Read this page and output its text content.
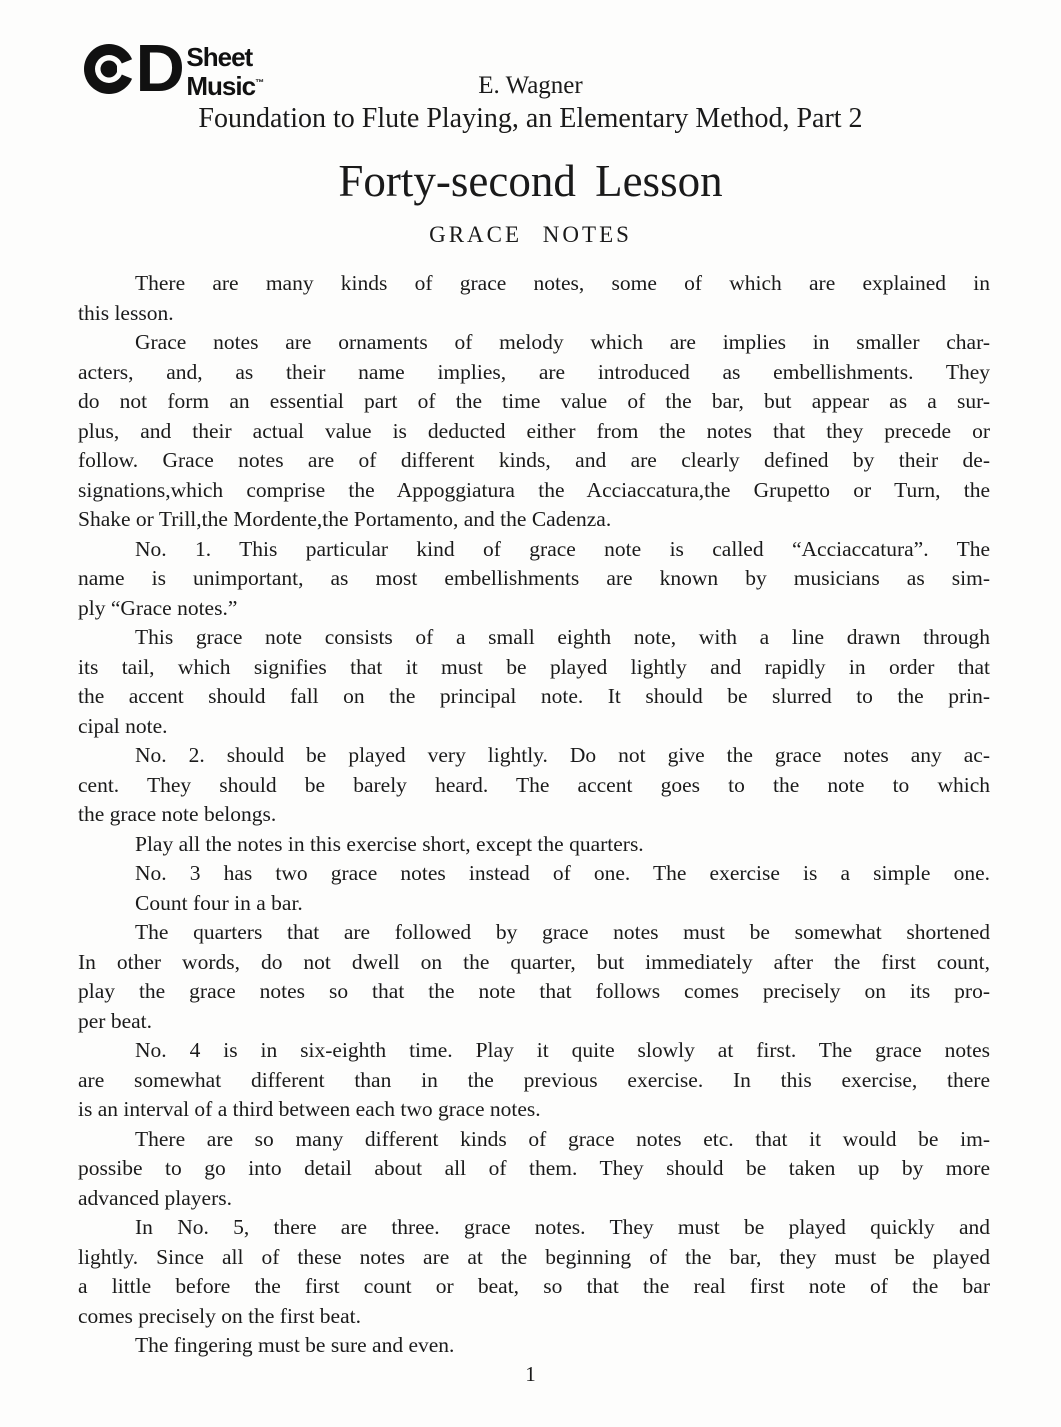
D Sheet
Music™	E. Wagner
Foundation to Flute Playing, an Elementary Method, Part 2
Forty-second Lesson
GRACE NOTES
There are many kinds of grace notes, some of which are explained in
this lesson.
Grace notes are ornaments of melody which are implies in smaller char-
acters, and, as their name implies, are introduced as embellishments. They
do not form an essential part of the time value of the bar, but appear as a sur-
plus, and their actual value is deducted either from the notes that they precede or
follow. Grace notes are of different kinds, and are clearly defined by their de-
signations,which comprise the Appoggiatura the Acciaccatura,the Grupetto or Turn, the
Shake or Trill,the Mordente,the Portamento, and the Cadenza.
No. 1. This particular kind of grace note is called “Acciaccatura”. The
name is unimportant, as most embellishments are known by musicians as sim-
ply “Grace notes.”
This grace note consists of a small eighth note, with a line drawn through
its tail, which signifies that it must be played lightly and rapidly in order that
the accent should fall on the principal note. It should be slurred to the prin-
cipal note.
No. 2. should be played very lightly. Do not give the grace notes any ac-
cent. They should be barely heard. The accent goes to the note to which
the grace note belongs.
Play all the notes in this exercise short, except the quarters.
No. 3 has two grace notes instead of one. The exercise is a simple one.
Count four in a bar.
The quarters that are followed by grace notes must be somewhat shortened
In other words, do not dwell on the quarter, but immediately after the first count,
play the grace notes so that the note that follows comes precisely on its pro-
per beat.
No. 4 is in six-eighth time. Play it quite slowly at first. The grace notes
are somewhat different than in the previous exercise. In this exercise, there
is an interval of a third between each two grace notes.
There are so many different kinds of grace notes etc. that it would be im-
possibe to go into detail about all of them. They should be taken up by more
advanced players.
In No. 5, there are three. grace notes. They must be played quickly and
lightly. Since all of these notes are at the beginning of the bar, they must be played
a little before the first count or beat, so that the real first note of the bar
comes precisely on the first beat.
The fingering must be sure and even.
1
